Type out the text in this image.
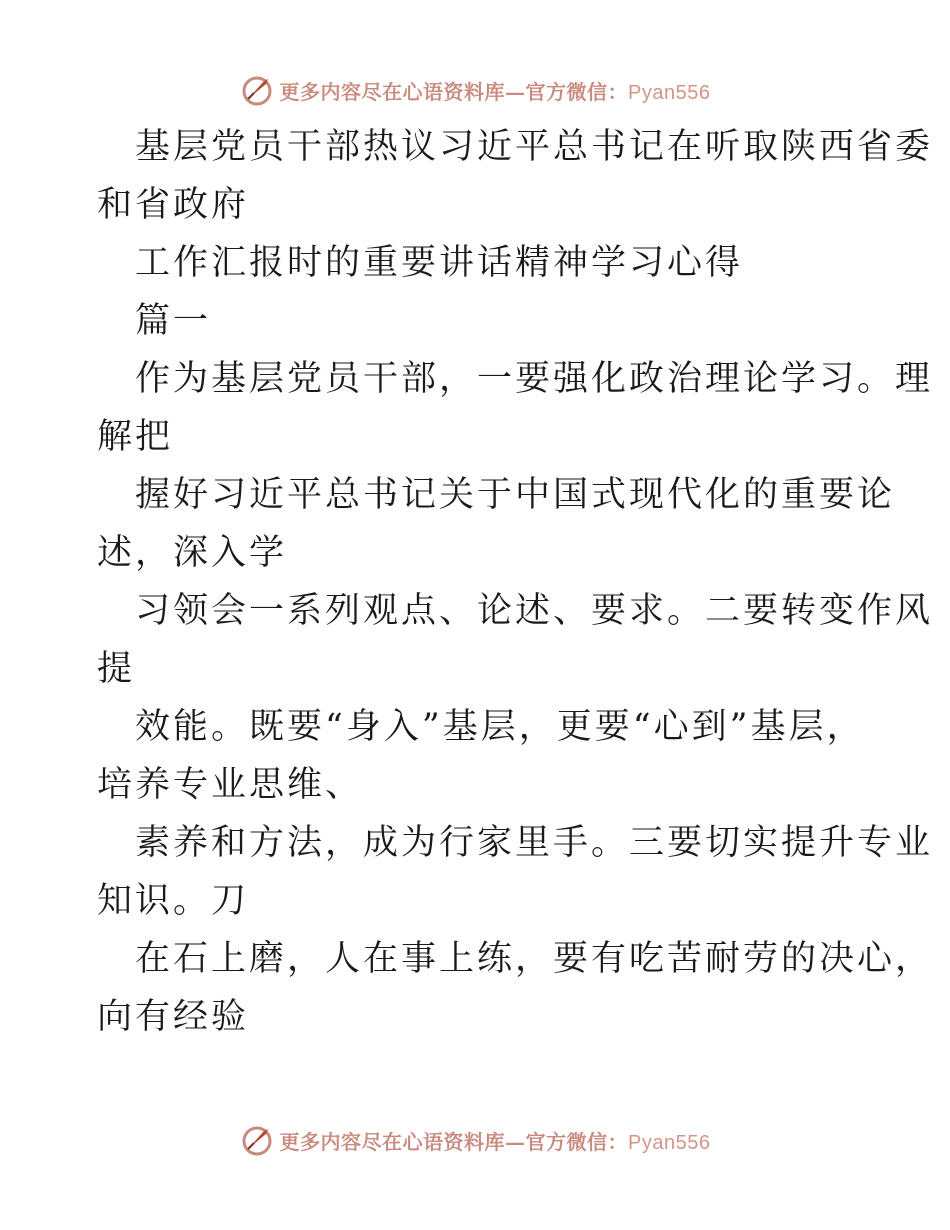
更多内容尽在心语资料库—官方微信：Pyan556
基层党员干部热议习近平总书记在听取陕西省委
和省政府
工作汇报时的重要讲话精神学习心得
篇一
作为基层党员干部，一要强化政治理论学习。理
解把
握好习近平总书记关于中国式现代化的重要论
述，深入学
习领会一系列观点、论述、要求。二要转变作风
提
效能。既要“身入”基层，更要“心到”基层，
培养专业思维、
素养和方法，成为行家里手。三要切实提升专业
知识。刀
在石上磨，人在事上练，要有吃苦耐劳的决心，
向有经验
更多内容尽在心语资料库—官方微信：Pyan556
